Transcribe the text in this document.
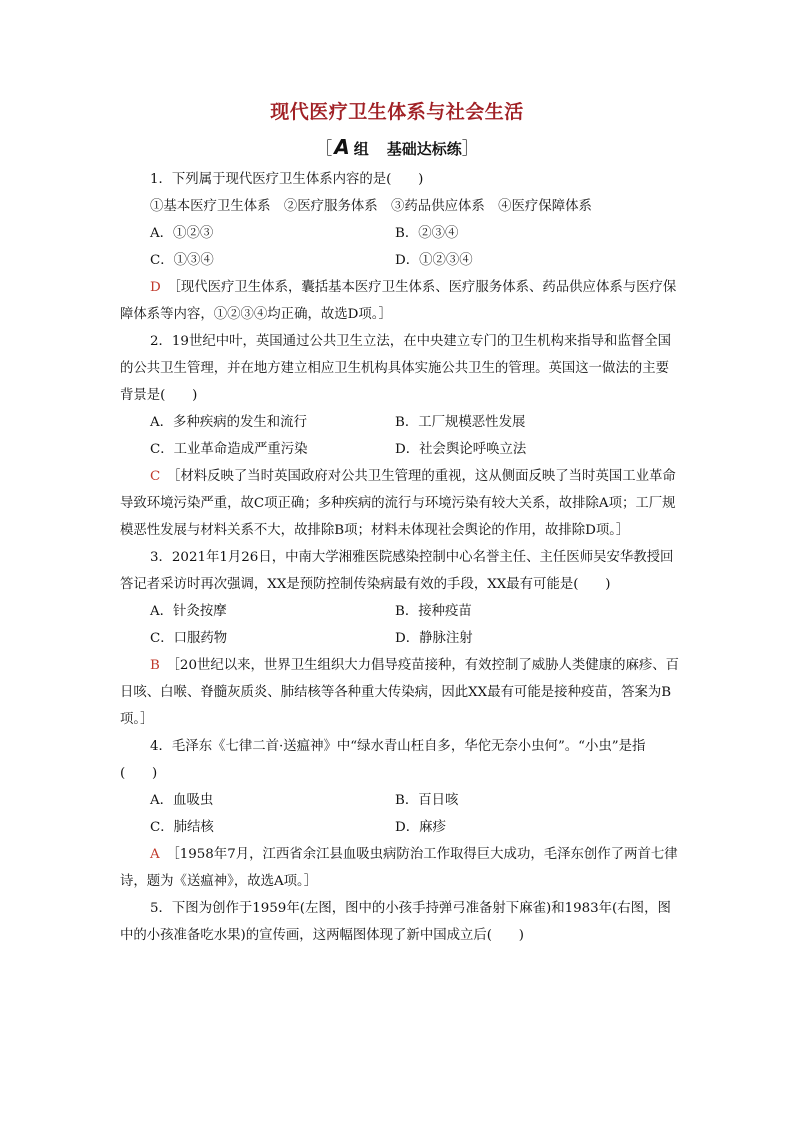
现代医疗卫生体系与社会生活
［ A 组 基础达标练］

1．下列属于现代医疗卫生体系内容的是(　　)

①基本医疗卫生体系　②医疗服务体系　③药品供应体系　④医疗保障体系

A．①②③	B．②③④
C．①③④	D．①②③④

D　 ［现代医疗卫生体系，囊括基本医疗卫生体系、医疗服务体系、药品供应体系与医疗保障体系等内容，①②③④均正确，故选D项。］

2．19世纪中叶，英国通过公共卫生立法，在中央建立专门的卫生机构来指导和监督全国的公共卫生管理，并在地方建立相应卫生机构具体实施公共卫生的管理。英国这一做法的主要背景是(　　)

A．多种疾病的发生和流行	B．工厂规模恶性发展
C．工业革命造成严重污染	D．社会舆论呼唤立法

C　 ［材料反映了当时英国政府对公共卫生管理的重视，这从侧面反映了当时英国工业革命导致环境污染严重，故C项正确；多种疾病的流行与环境污染有较大关系，故排除A项；工厂规模恶性发展与材料关系不大，故排除B项；材料未体现社会舆论的作用，故排除D项。］

3．2021年1月26日，中南大学湘雅医院感染控制中心名誉主任、主任医师吴安华教授回答记者采访时再次强调，XX是预防控制传染病最有效的手段，XX最有可能是(　　)

A．针灸按摩	B．接种疫苗
C．口服药物	D．静脉注射

B　 ［20世纪以来，世界卫生组织大力倡导疫苗接种，有效控制了威胁人类健康的麻疹、百日咳、白喉、脊髓灰质炎、肺结核等各种重大传染病，因此XX最有可能是接种疫苗，答案为B项。］

4．毛泽东《七律二首·送瘟神》中“绿水青山枉自多，华佗无奈小虫何”。“小虫”是指(　　)

A．血吸虫	B．百日咳
C．肺结核	D．麻疹

A　 ［1958年7月，江西省余江县血吸虫病防治工作取得巨大成功，毛泽东创作了两首七律诗，题为《送瘟神》，故选A项。］

5．下图为创作于1959年(左图，图中的小孩手持弹弓准备射下麻雀)和1983年(右图，图中的小孩准备吃水果)的宣传画，这两幅图体现了新中国成立后(　　)
